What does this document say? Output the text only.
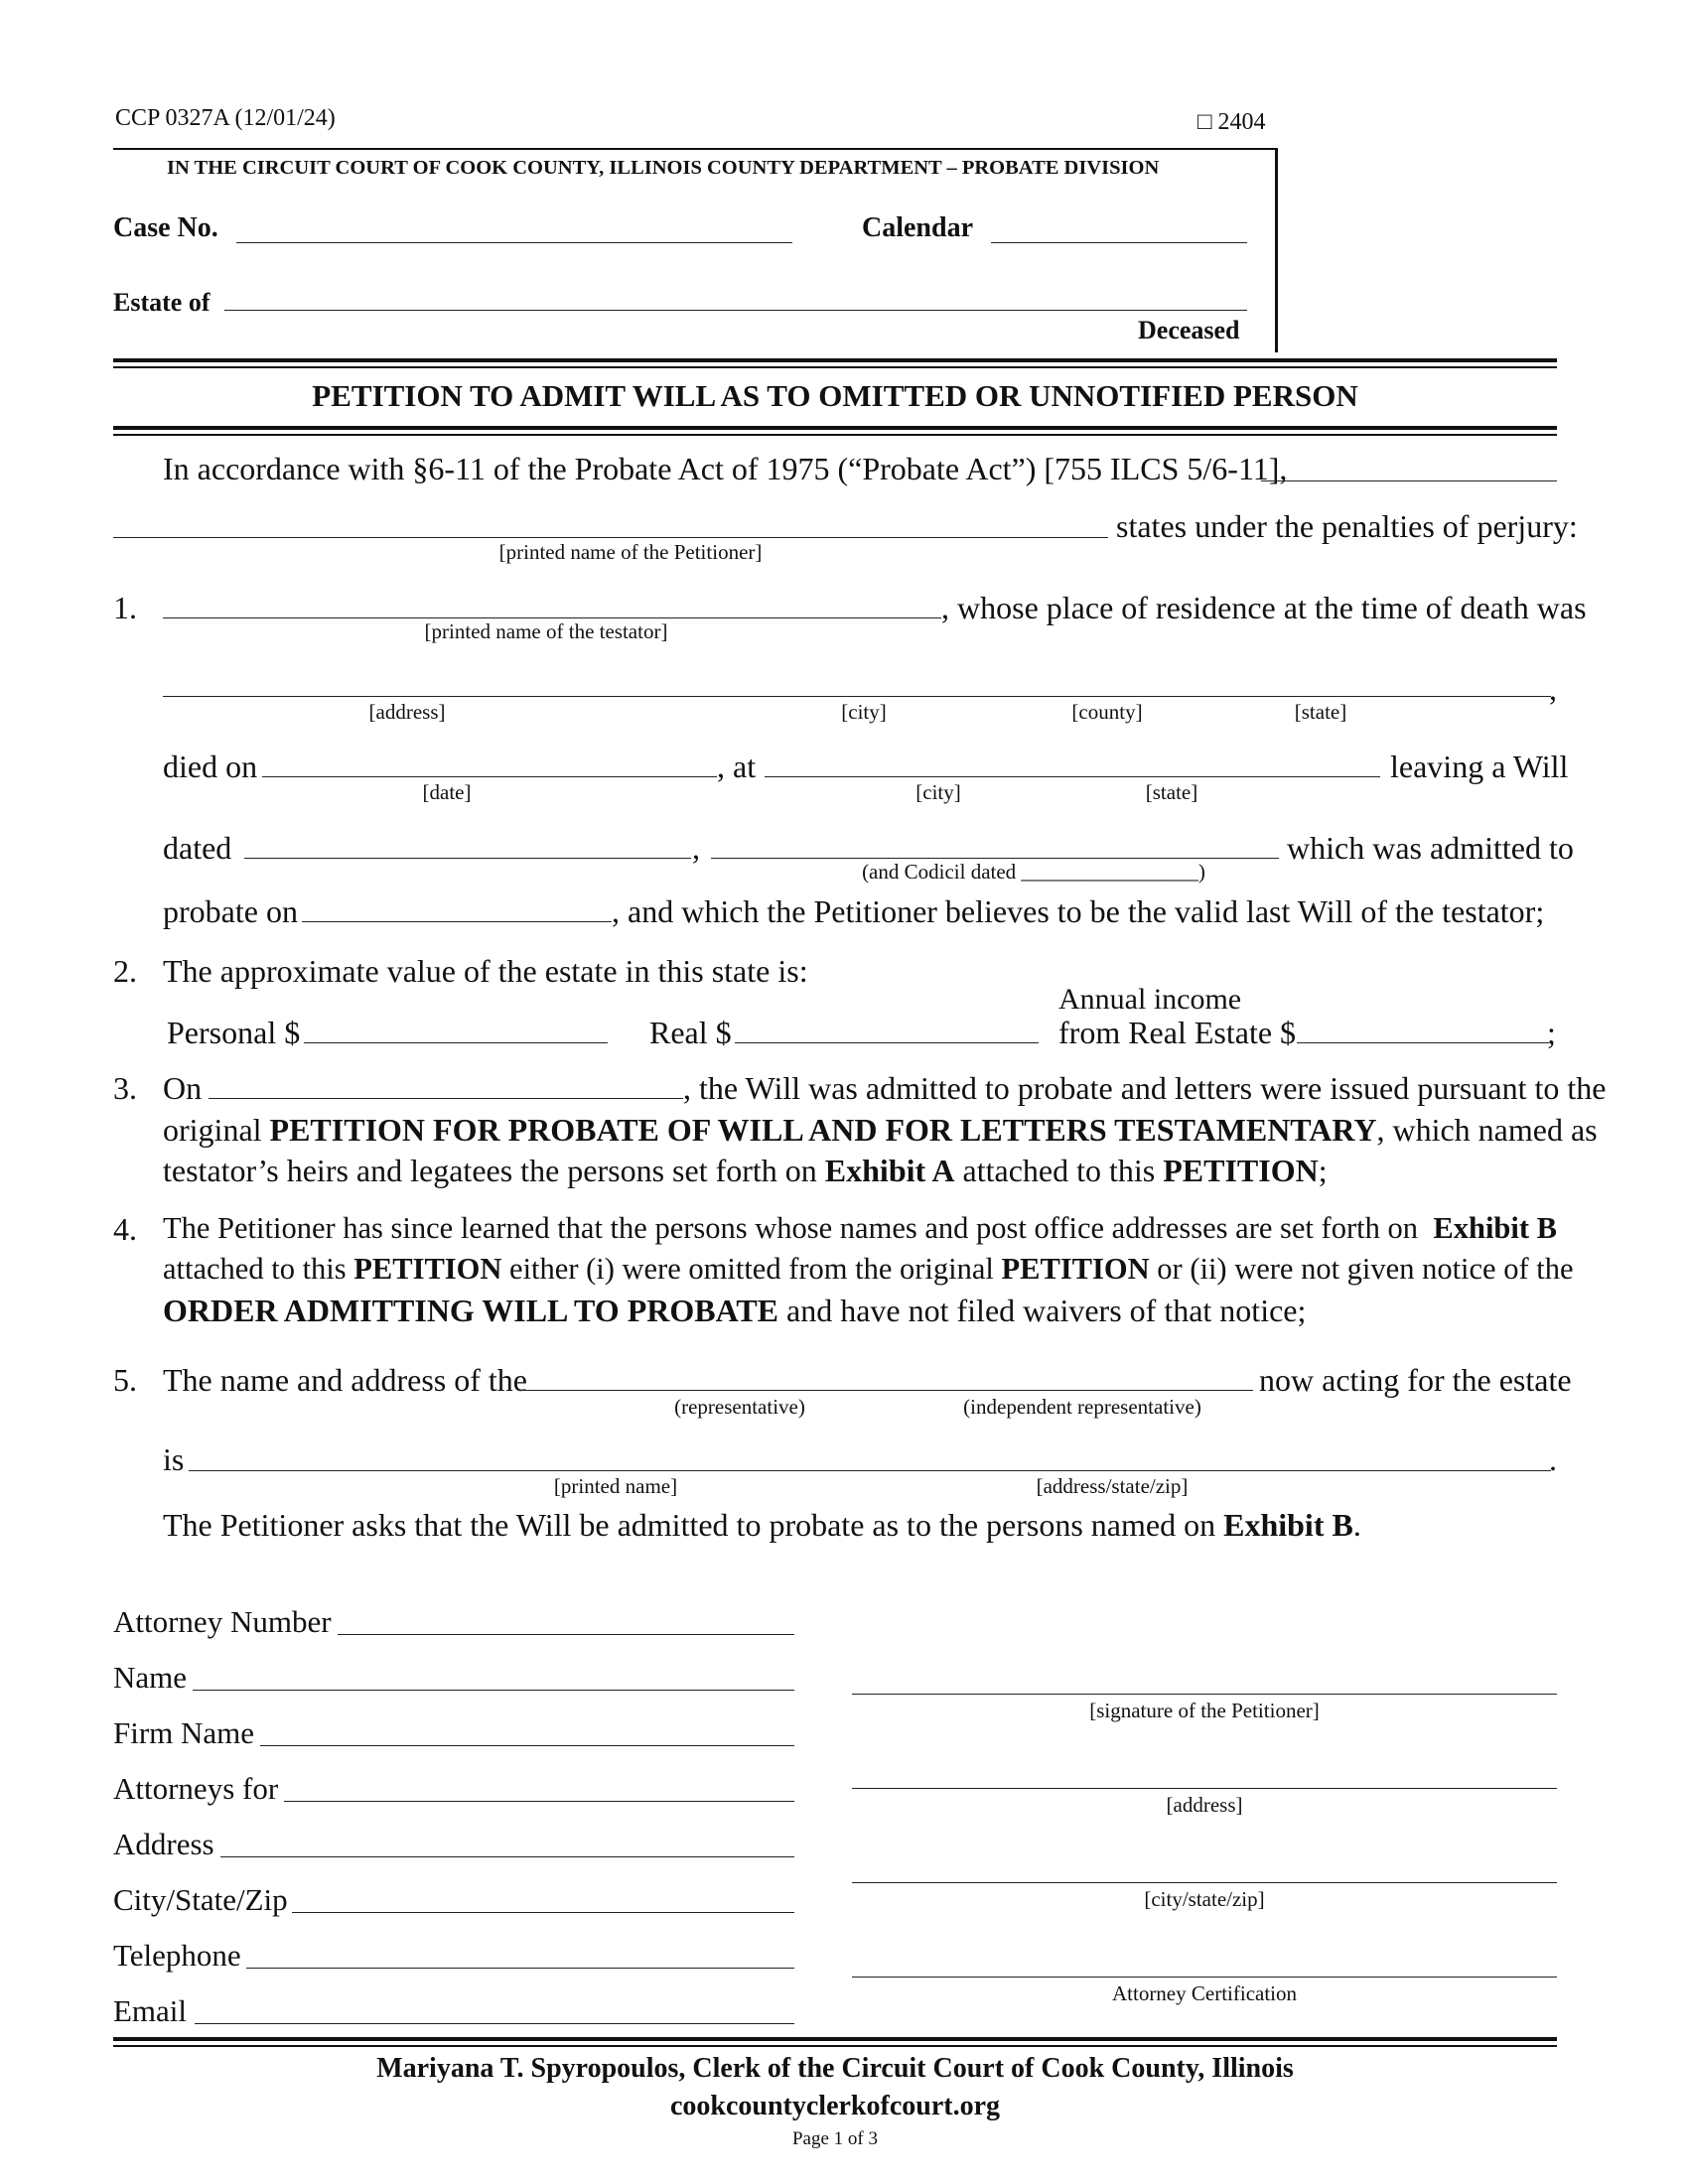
CCP 0327A (12/01/24)	□ 2404
IN THE CIRCUIT COURT OF COOK COUNTY, ILLINOIS COUNTY DEPARTMENT – PROBATE DIVISION
Case No.	Calendar
Estate of
Deceased
PETITION TO ADMIT WILL AS TO OMITTED OR UNNOTIFIED PERSON
In accordance with §6-11 of the Probate Act of 1975 (“Probate Act”) [755 ILCS 5/6-11],
states under the penalties of perjury:
[printed name of the Petitioner]
1.	, whose place of residence at the time of death was
[printed name of the testator]
,
[address]	[city]	[county]	[state]
died on	, at	leaving a Will
[date]	[city]	[state]
dated	,	which was admitted to
(and Codicil dated _________________)
probate on	, and which the Petitioner believes to be the valid last Will of the testator;
2. The approximate value of the estate in this state is:
Annual income
Personal $	Real $	from Real Estate $	;
3. On	, the Will was admitted to probate and letters were issued pursuant to the
original PETITION FOR PROBATE OF WILL AND FOR LETTERS TESTAMENTARY , which named as
testator’s heirs and legatees the persons set forth on Exhibit A attached to this PETITION;
4. The Petitioner has since learned that the persons whose names and post office addresses are set forth on Exhibit B
attached to this PETITION either (i) were omitted from the original PETITION or (ii) were not given notice of the
ORDER ADMITTING WILL TO PROBATE and have not filed waivers of that notice;
5. The name and address of the	now acting for the estate
(representative)	(independent representative)
is	.
[printed name]	[address/state/zip]
The Petitioner asks that the Will be admitted to probate as to the persons named on Exhibit B.
Attorney Number
Name
Firm Name
Attorneys for
Address
City/State/Zip
Telephone
Email
[signature of the Petitioner]
[address]
[city/state/zip]
Attorney Certification
Mariyana T. Spyropoulos, Clerk of the Circuit Court of Cook County, Illinois
cookcountyclerkofcourt.org
Page 1 of 3
